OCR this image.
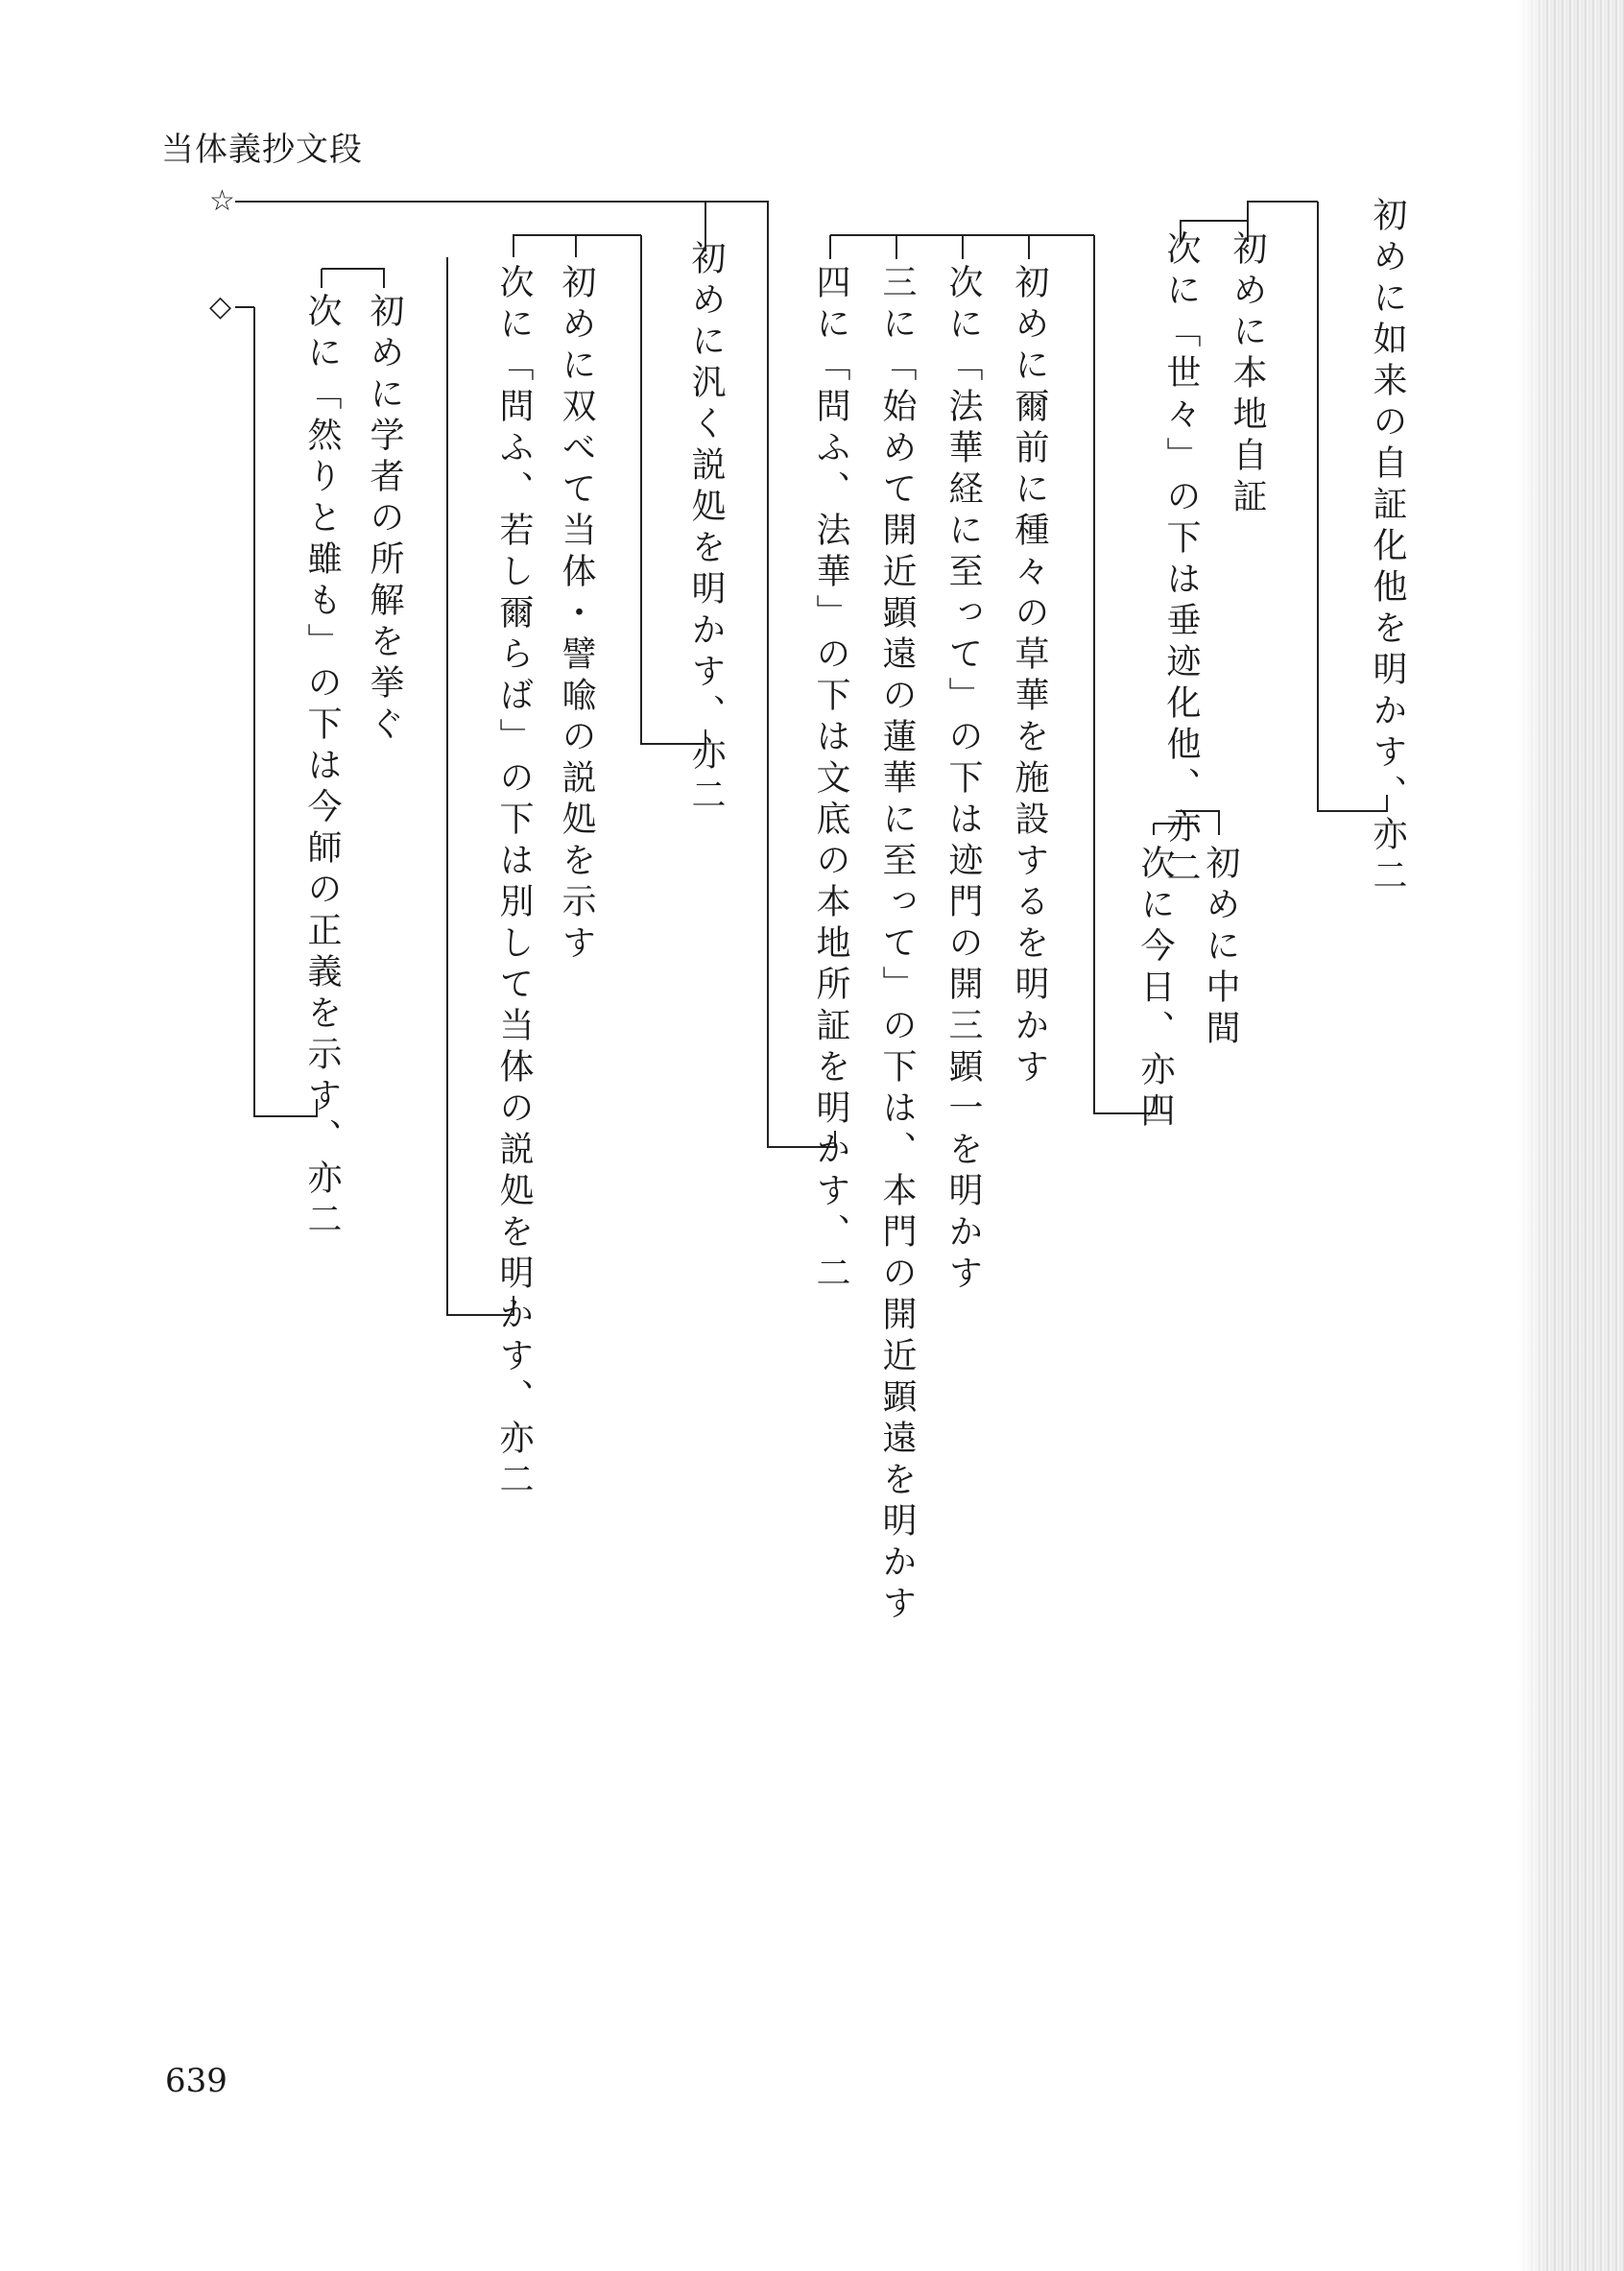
当体義抄文段
☆
◇	初めに如来の自証化他を明かす、亦二
初めに本地自証
次に「世々」の下は垂迹化他、亦二
初めに中間
次に今日、亦四
初めに爾前に種々の草華を施設するを明かす
次に「法華経に至って」の下は迹門の開三顕一を明かす
三に「始めて開近顕遠の蓮華に至って」の下は、本門の開近顕遠を明かす
四に「問ふ、法華」の下は文底の本地所証を明かす、二
初めに汎く説処を明かす、亦二
初めに双べて当体・譬喩の説処を示す
次に「問ふ、若し爾らば」の下は別して当体の説処を明かす、亦二
初めに学者の所解を挙ぐ
次に「然りと雖も」の下は今師の正義を示す、亦二
639
